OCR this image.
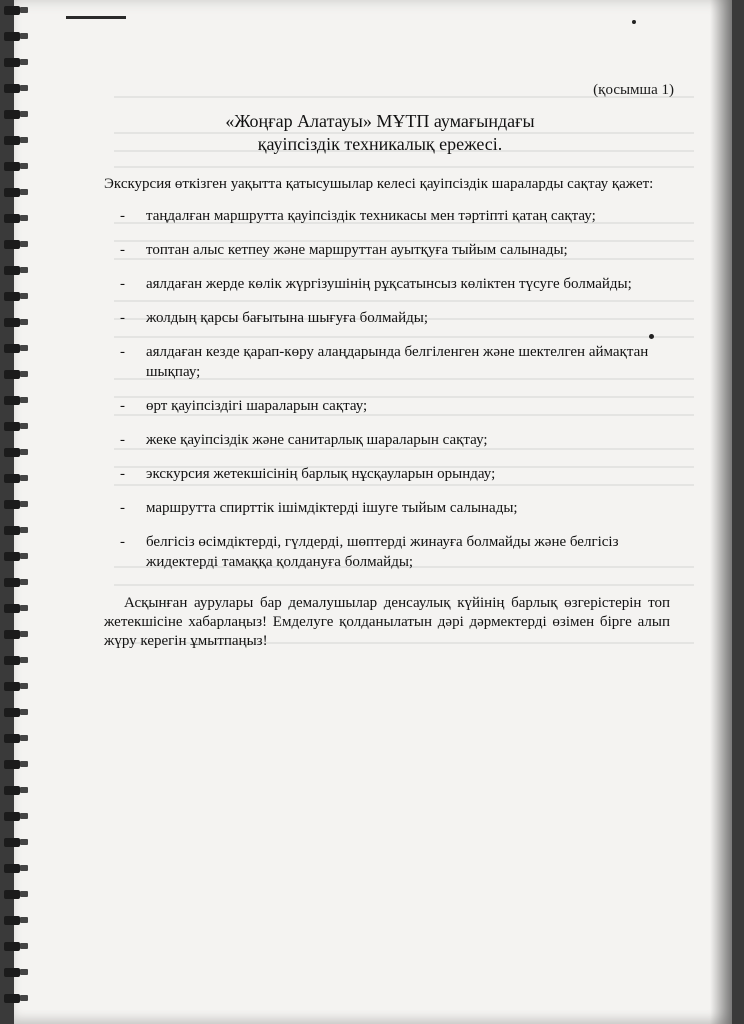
(қосымша 1)
«Жоңғар Алатауы» МҰТП аумағындағы
қауіпсіздік техникалық ережесі.
Экскурсия өткізген уақытта қатысушылар келесі қауіпсіздік шараларды сақтау қажет:
- таңдалған маршрутта қауіпсіздік техникасы мен тәртіпті қатаң сақтау;
- топтан алыс кетпеу және маршруттан ауытқуға тыйым салынады;
- аялдаған жерде көлік жүргізушінің рұқсатынсыз көліктен түсуге болмайды;
- жолдың қарсы бағытына шығуға болмайды;
- аялдаған кезде қарап-көру алаңдарында белгіленген және шектелген аймақтан шықпау;
- өрт қауіпсіздігі шараларын сақтау;
- жеке қауіпсіздік және санитарлық шараларын сақтау;
- экскурсия жетекшісінің барлық нұсқауларын орындау;
- маршрутта спирттік ішімдіктерді ішуге тыйым салынады;
- белгісіз өсімдіктерді, гүлдерді, шөптерді жинауға болмайды және белгісіз жидектерді тамаққа қолдануға болмайды;
Асқынған аурулары бар демалушылар денсаулық күйінің барлық өзгерістерін топ жетекшісіне хабарлаңыз! Емделуге қолданылатын дәрі дәрмектерді өзімен бірге алып жүру керегін ұмытпаңыз!
